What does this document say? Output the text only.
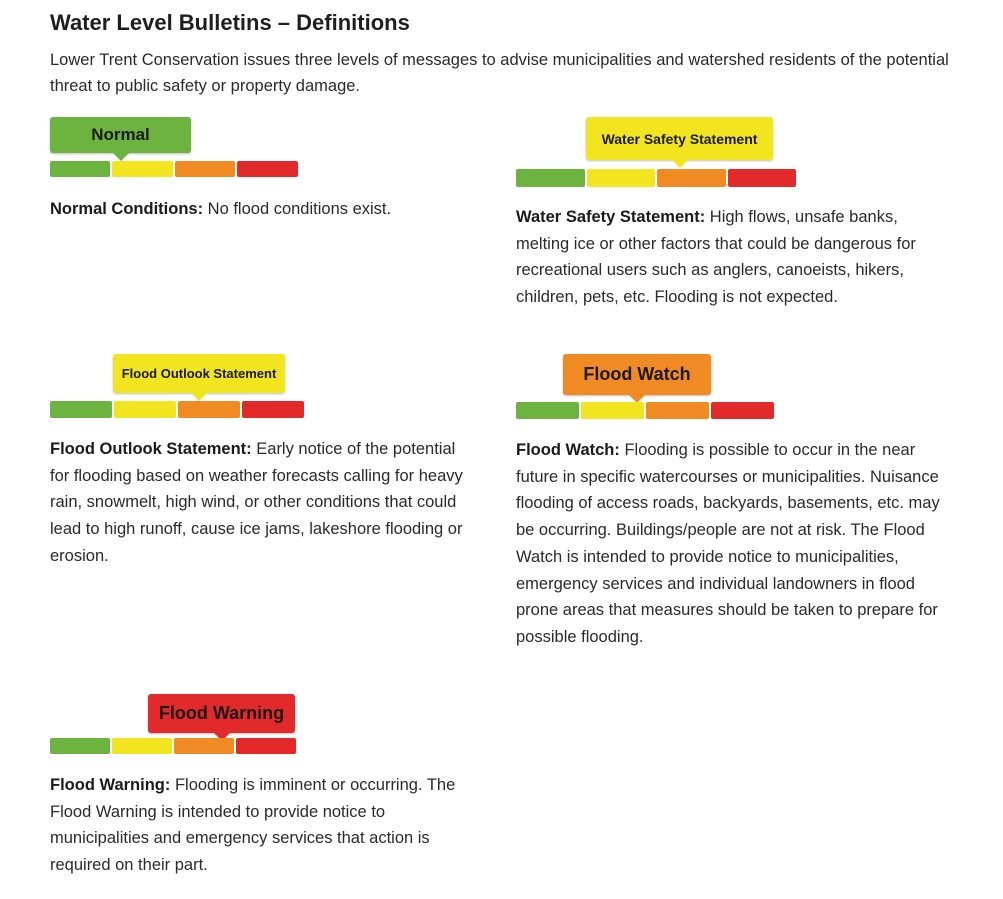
Water Level Bulletins – Definitions

Lower Trent Conservation issues three levels of messages to advise municipalities and watershed residents of the potential threat to public safety or property damage.

Normal

Normal Conditions: No flood conditions exist.

Water Safety Statement

Water Safety Statement: High flows, unsafe banks, melting ice or other factors that could be dangerous for recreational users such as anglers, canoeists, hikers, children, pets, etc. Flooding is not expected.

Flood Outlook Statement

Flood Outlook Statement: Early notice of the potential for flooding based on weather forecasts calling for heavy rain, snowmelt, high wind, or other conditions that could lead to high runoff, cause ice jams, lakeshore flooding or erosion.

Flood Watch

Flood Watch: Flooding is possible to occur in the near future in specific watercourses or municipalities. Nuisance flooding of access roads, backyards, basements, etc. may be occurring. Buildings/people are not at risk. The Flood Watch is intended to provide notice to municipalities, emergency services and individual landowners in flood prone areas that measures should be taken to prepare for possible flooding.

Flood Warning

Flood Warning: Flooding is imminent or occurring. The Flood Warning is intended to provide notice to municipalities and emergency services that action is required on their part.
